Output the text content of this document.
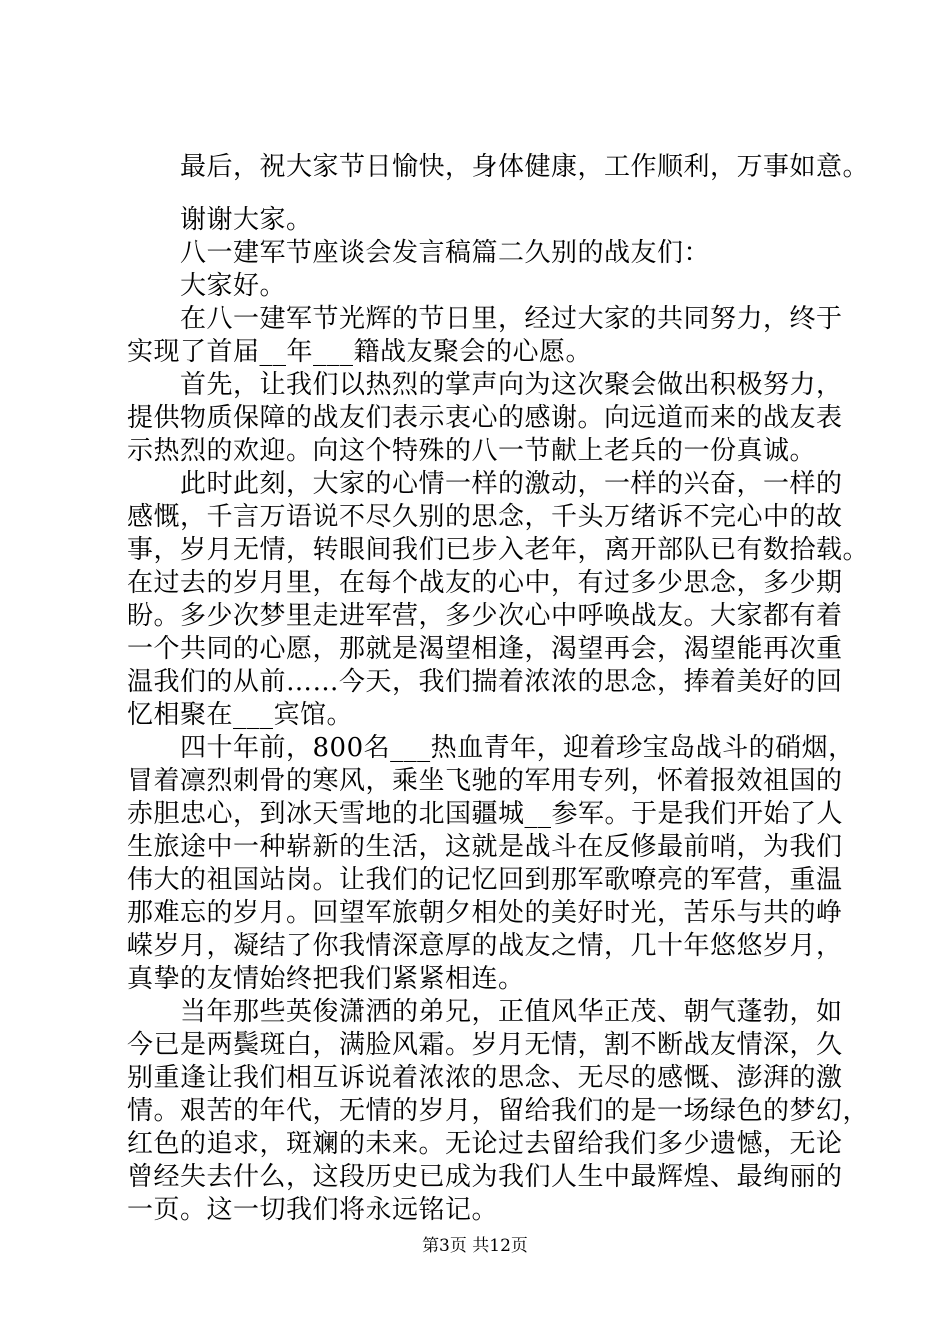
最后，祝大家节日愉快，身体健康，工作顺利，万事如意。

谢谢大家。

八一建军节座谈会发言稿篇二久别的战友们：

大家好。

在八一建军节光辉的节日里，经过大家的共同努力，终于

实现了首届__年___籍战友聚会的心愿。

首先，让我们以热烈的掌声向为这次聚会做出积极努力，

提供物质保障的战友们表示衷心的感谢。向远道而来的战友表

示热烈的欢迎。向这个特殊的八一节献上老兵的一份真诚。

此时此刻，大家的心情一样的激动，一样的兴奋，一样的

感慨，千言万语说不尽久别的思念，千头万绪诉不完心中的故

事，岁月无情，转眼间我们已步入老年，离开部队已有数拾载。

在过去的岁月里，在每个战友的心中，有过多少思念，多少期

盼。多少次梦里走进军营，多少次心中呼唤战友。大家都有着

一个共同的心愿，那就是渴望相逢，渴望再会，渴望能再次重

温我们的从前……今天，我们揣着浓浓的思念，捧着美好的回

忆相聚在___宾馆。

四十年前，800名___热血青年，迎着珍宝岛战斗的硝烟，

冒着凛烈刺骨的寒风，乘坐飞驰的军用专列，怀着报效祖国的

赤胆忠心，到冰天雪地的北国疆城__参军。于是我们开始了人

生旅途中一种崭新的生活，这就是战斗在反修最前哨，为我们

伟大的祖国站岗。让我们的记忆回到那军歌嘹亮的军营，重温

那难忘的岁月。回望军旅朝夕相处的美好时光，苦乐与共的峥

嵘岁月，凝结了你我情深意厚的战友之情，几十年悠悠岁月，

真挚的友情始终把我们紧紧相连。

当年那些英俊潇洒的弟兄，正值风华正茂、朝气蓬勃，如

今已是两鬓斑白，满脸风霜。岁月无情，割不断战友情深，久

别重逢让我们相互诉说着浓浓的思念、无尽的感慨、澎湃的激

情。艰苦的年代，无情的岁月，留给我们的是一场绿色的梦幻，

红色的追求，斑斓的未来。无论过去留给我们多少遗憾，无论

曾经失去什么，这段历史已成为我们人生中最辉煌、最绚丽的

一页。这一切我们将永远铭记。

第3页 共12页
